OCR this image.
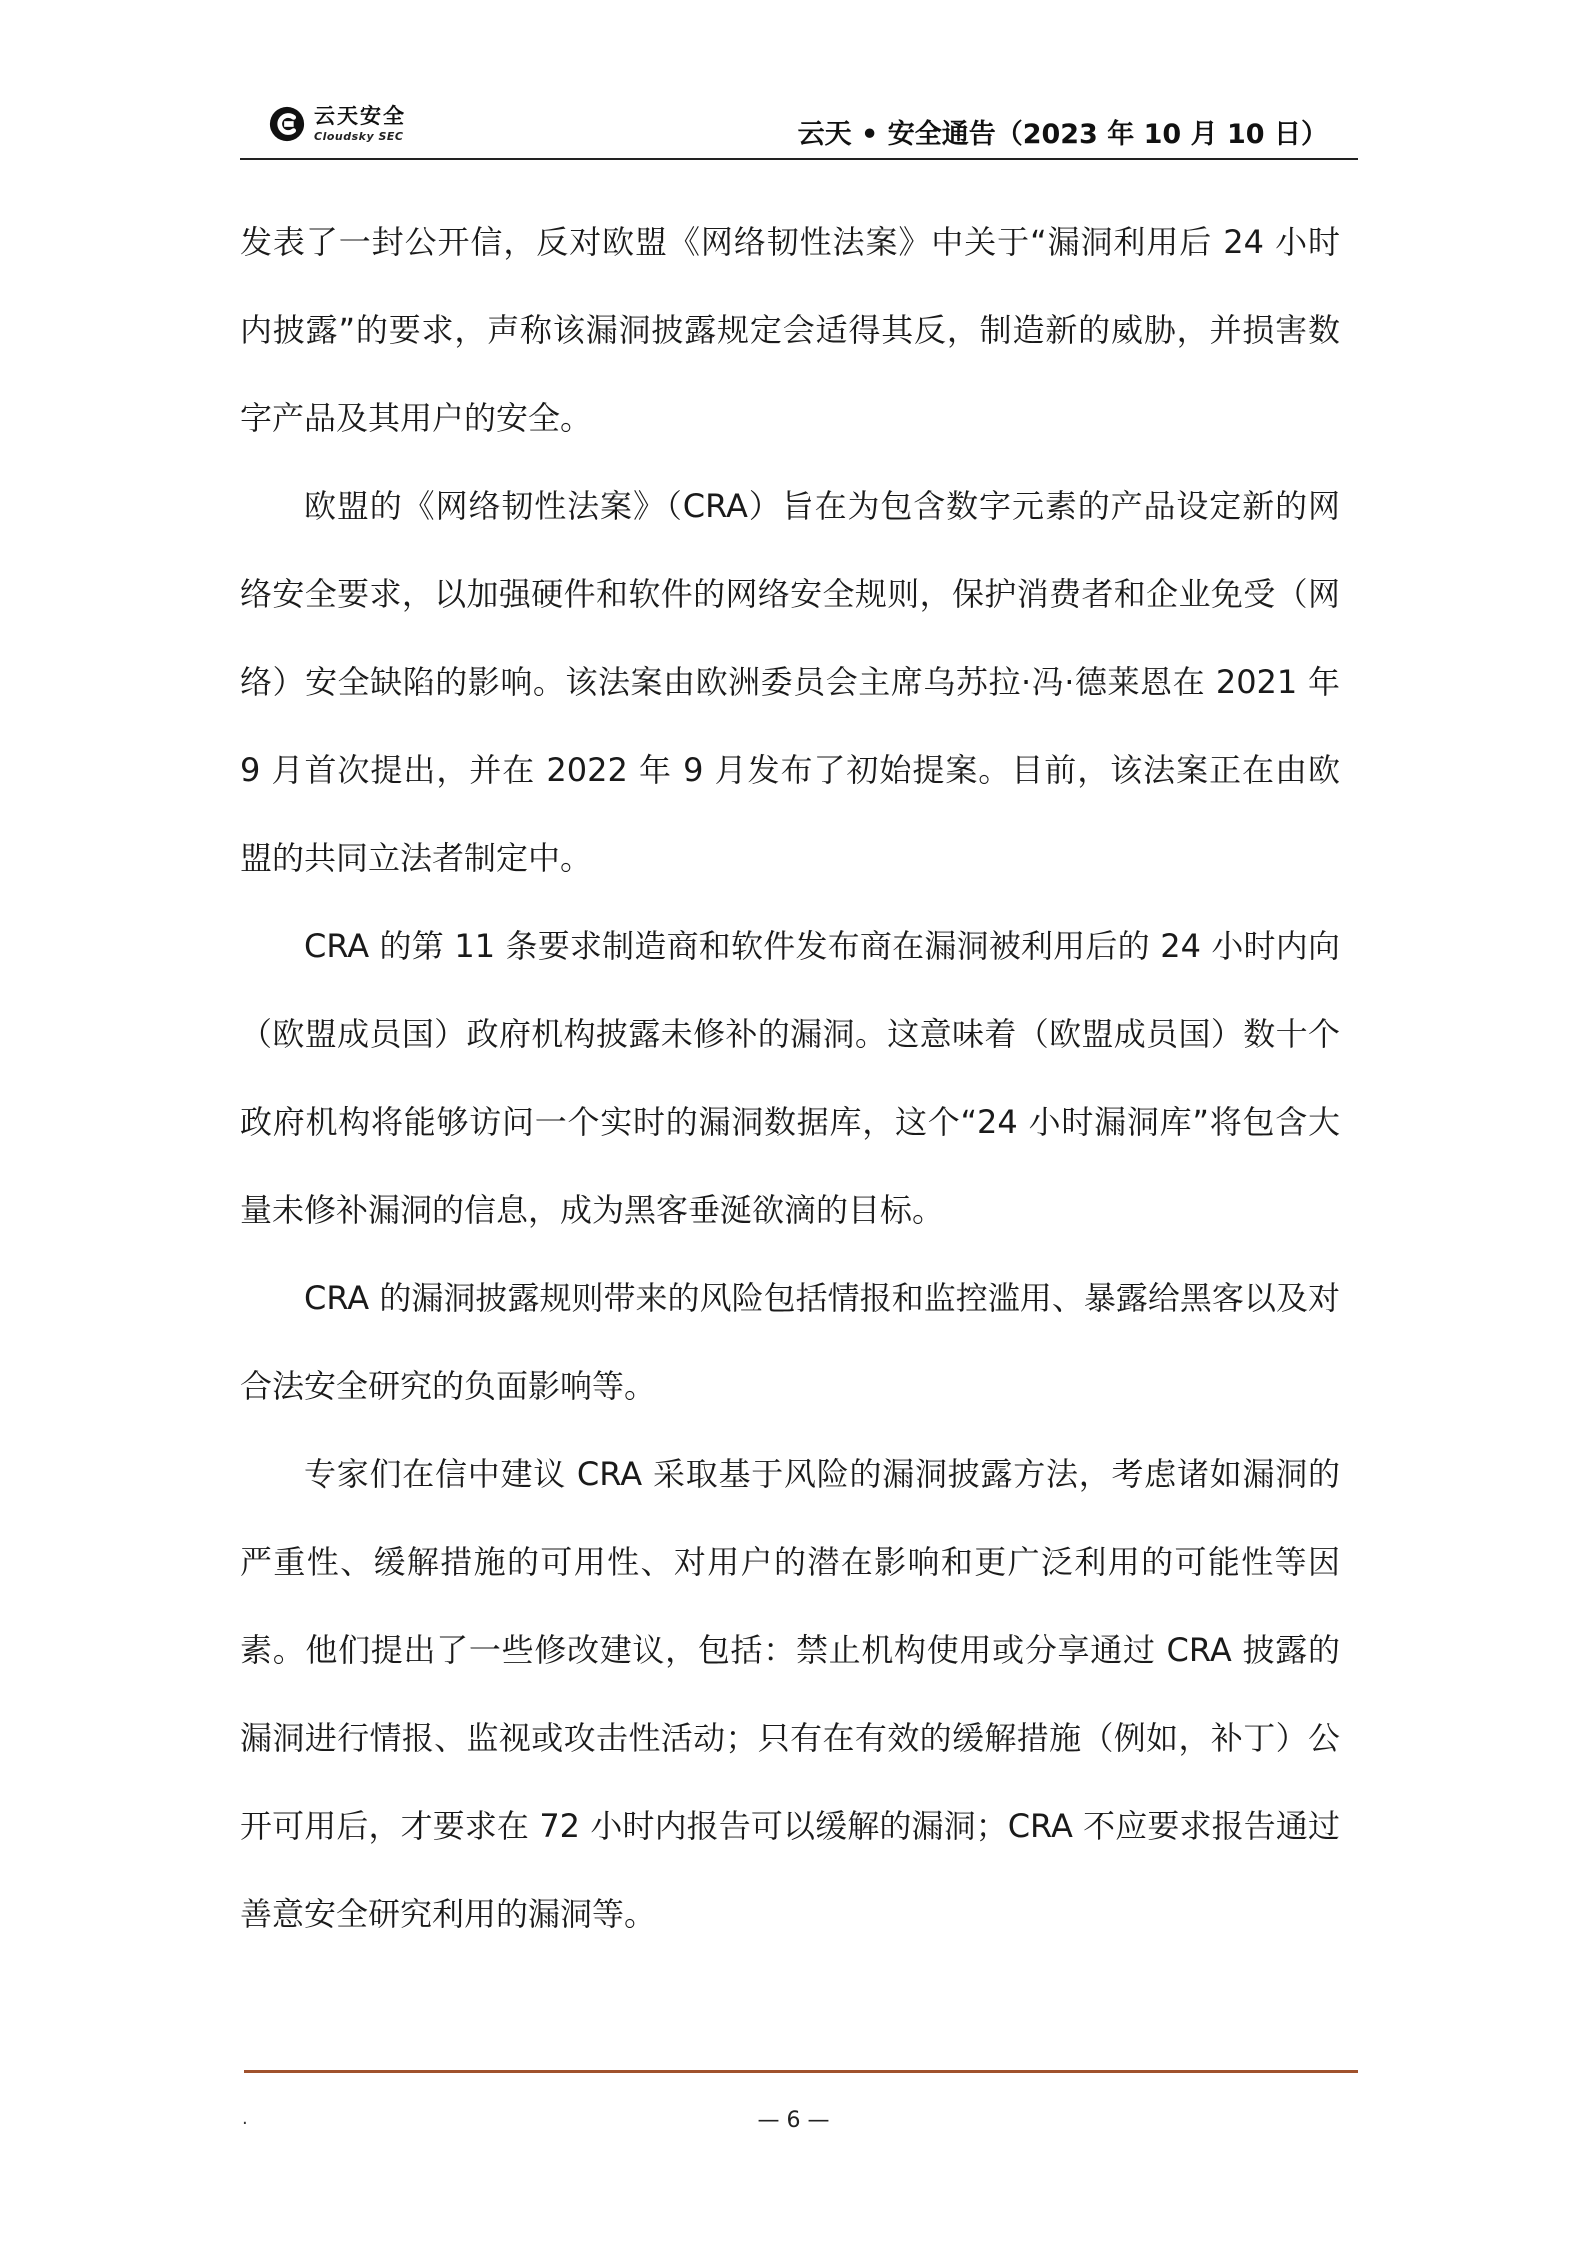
云天安全
Cloudsky SEC	云天 • 安全通告（2023 年 10 月 10 日）

发表了一封公开信，反对欧盟《网络韧性法案》中关于“漏洞利用后 24 小时内披露”的要求，声称该漏洞披露规定会适得其反，制造新的威胁，并损害数字产品及其用户的安全。

欧盟的《网络韧性法案》（CRA）旨在为包含数字元素的产品设定新的网络安全要求，以加强硬件和软件的网络安全规则，保护消费者和企业免受（网络）安全缺陷的影响。该法案由欧洲委员会主席乌苏拉·冯·德莱恩在 2021 年 9 月首次提出，并在 2022 年 9 月发布了初始提案。目前，该法案正在由欧盟的共同立法者制定中。

CRA 的第 11 条要求制造商和软件发布商在漏洞被利用后的 24 小时内向（欧盟成员国）政府机构披露未修补的漏洞。这意味着（欧盟成员国）数十个政府机构将能够访问一个实时的漏洞数据库，这个“24 小时漏洞库”将包含大量未修补漏洞的信息，成为黑客垂涎欲滴的目标。

CRA 的漏洞披露规则带来的风险包括情报和监控滥用、暴露给黑客以及对合法安全研究的负面影响等。

专家们在信中建议 CRA 采取基于风险的漏洞披露方法，考虑诸如漏洞的严重性、缓解措施的可用性、对用户的潜在影响和更广泛利用的可能性等因素。他们提出了一些修改建议，包括：禁止机构使用或分享通过 CRA 披露的漏洞进行情报、监视或攻击性活动；只有在有效的缓解措施（例如，补丁）公开可用后，才要求在 72 小时内报告可以缓解的漏洞；CRA 不应要求报告通过善意安全研究利用的漏洞等。

.	— 6 —
